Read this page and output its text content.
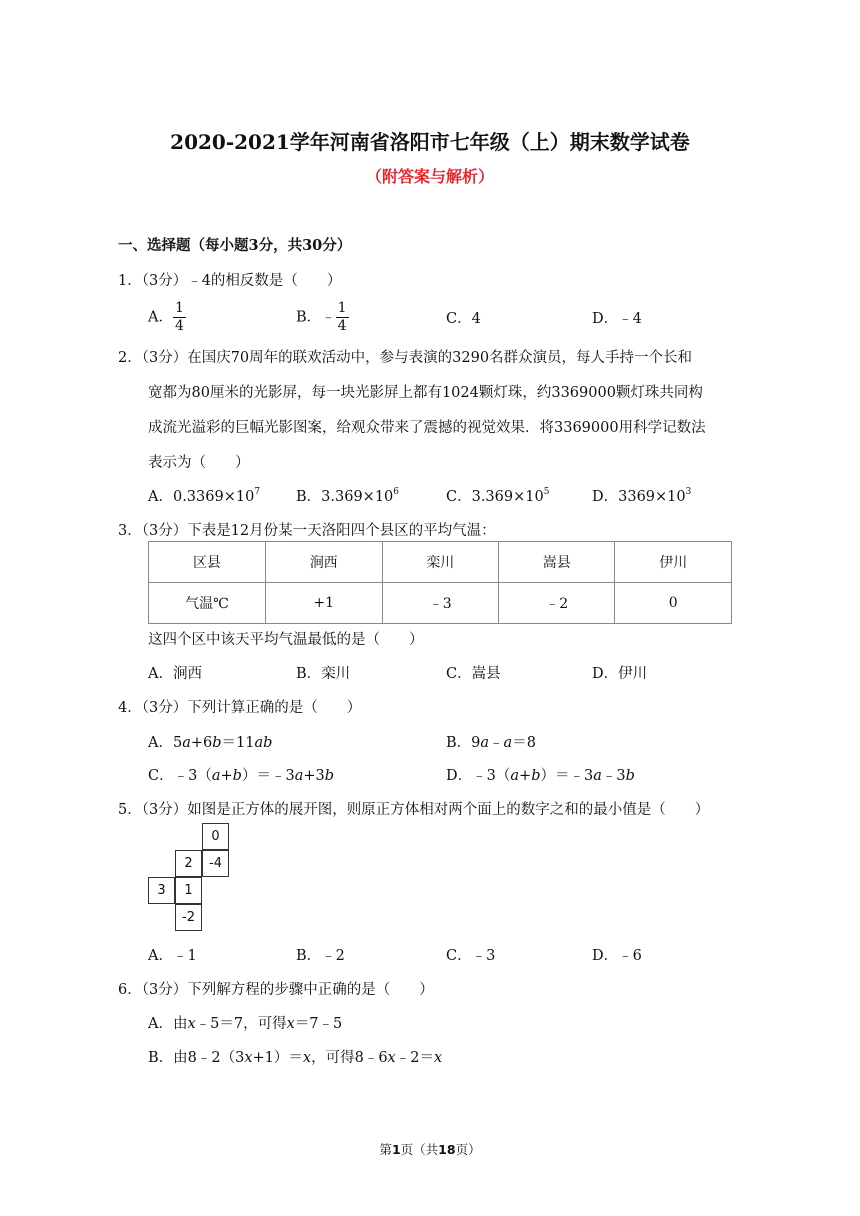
2020-2021学年河南省洛阳市七年级（上）期末数学试卷
（附答案与解析）
一、选择题（每小题3分，共30分）
1．（3分）﹣4的相反数是（　　）
A． $\frac{1}{4}$	B．﹣ $\frac{1}{4}$	C．4	D．﹣4
2．（3分）在国庆70周年的联欢活动中，参与表演的3290名群众演员，每人手持一个长和
宽都为80厘米的光影屏，每一块光影屏上都有1024颗灯珠，约3369000颗灯珠共同构
成流光溢彩的巨幅光影图案，给观众带来了震撼的视觉效果．将3369000用科学记数法
表示为（　　）
A．$0.3369\times 10^7$ B．$3.369\times 10^6$	C．$3.369\times 10^5$	D．$3369\times 10^3$
3．（3分）下表是12月份某一天洛阳四个县区的平均气温：
区县	涧西	栾川	嵩县	伊川
气温℃	+1	﹣3	﹣2	0
这四个区中该天平均气温最低的是（　　）
A．涧西	B．栾川	C．嵩县	D．伊川
4．（3分）下列计算正确的是（　　）
A．5a+6b＝11ab	B．9a﹣a＝8
C．﹣3（a+b）＝﹣3a+3b	D．﹣3（a+b）＝﹣3a﹣3b
5．（3分）如图是正方体的展开图，则原正方体相对两个面上的数字之和的最小值是（　　）
0
2	-4
3	1
-2
A．﹣1	B．﹣2	C．﹣3	D．﹣6
6．（3分）下列解方程的步骤中正确的是（　　）
A．由x﹣5＝7，可得x＝7﹣5
B．由8﹣2（3x+1）＝x，可得8﹣6x﹣2＝x
第1页（共18页）
